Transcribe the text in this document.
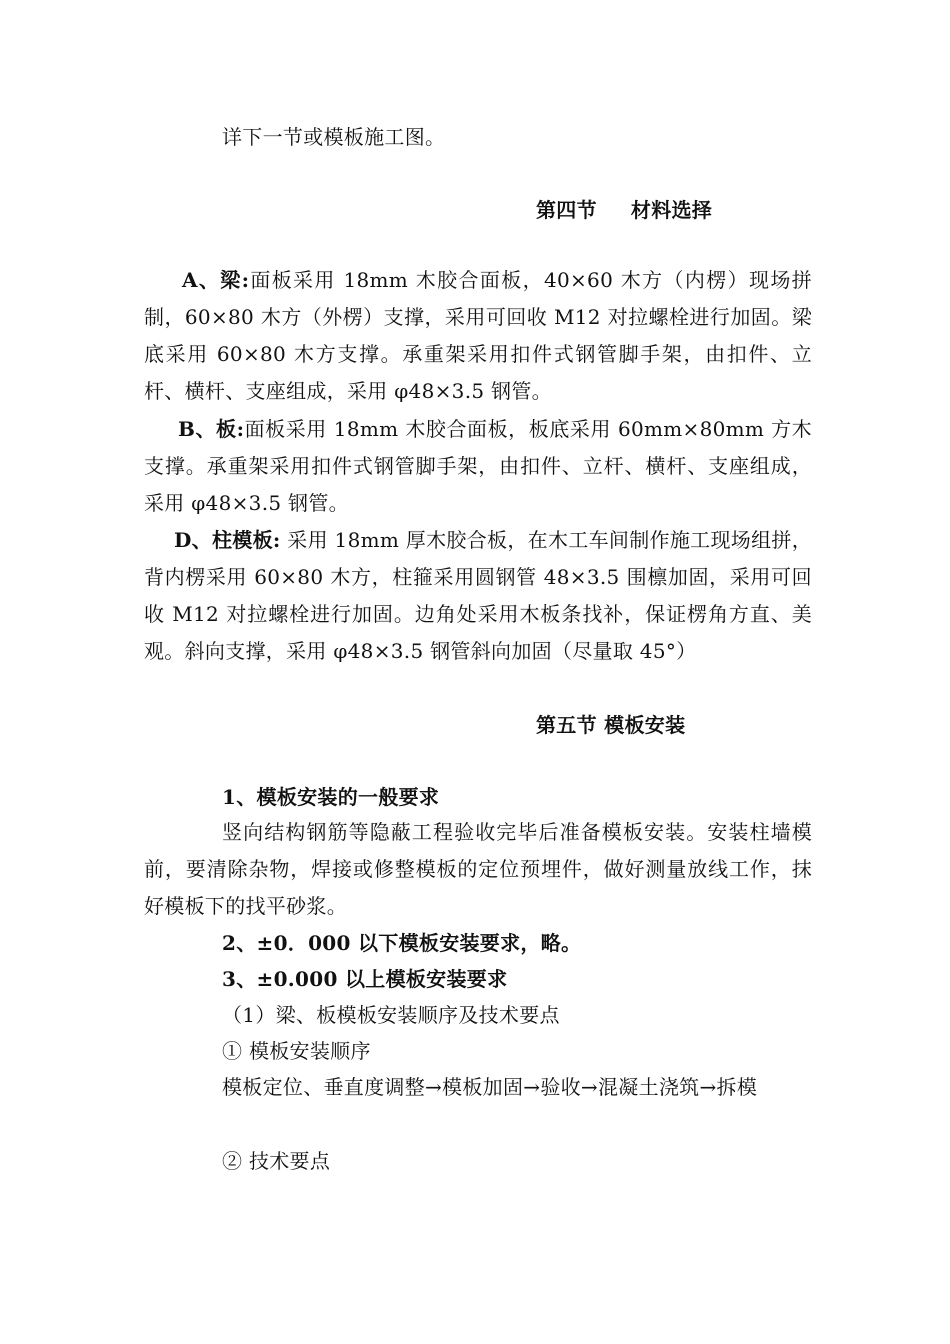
详下一节或模板施工图。
第四节 材料选择
A、梁:面板采用 18mm 木胶合面板，40×60 木方（内楞）现场拼制，60×80 木方（外楞）支撑，采用可回收 M12 对拉螺栓进行加固。梁底采用 60×80 木方支撑。承重架采用扣件式钢管脚手架，由扣件、立杆、横杆、支座组成，采用 φ48×3.5 钢管。
B、板:面板采用 18mm 木胶合面板，板底采用 60mm×80mm 方木支撑。承重架采用扣件式钢管脚手架，由扣件、立杆、横杆、支座组成，采用 φ48×3.5 钢管。
D、柱模板: 采用 18mm 厚木胶合板，在木工车间制作施工现场组拼，背内楞采用 60×80 木方，柱箍采用圆钢管 48×3.5 围檩加固，采用可回收 M12 对拉螺栓进行加固。边角处采用木板条找补，保证楞角方直、美观。斜向支撑，采用 φ48×3.5 钢管斜向加固（尽量取 45°）
第五节 模板安装
1、模板安装的一般要求
竖向结构钢筋等隐蔽工程验收完毕后准备模板安装。安装柱墙模前，要清除杂物，焊接或修整模板的定位预埋件，做好测量放线工作，抹好模板下的找平砂浆。
2、±0．000 以下模板安装要求，略。
3、±0.000 以上模板安装要求
（1）梁、板模板安装顺序及技术要点
① 模板安装顺序
模板定位、垂直度调整→模板加固→验收→混凝土浇筑→拆模
② 技术要点
